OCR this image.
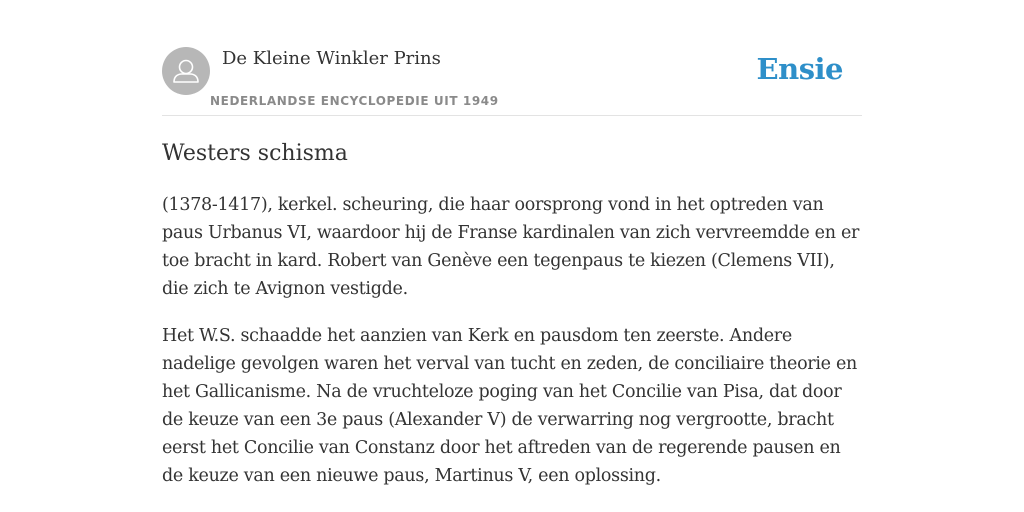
De Kleine Winkler Prins
NEDERLANDSE ENCYCLOPEDIE UIT 1949
Ensie
Westers schisma

(1378-1417), kerkel. scheuring, die haar oorsprong vond in het optreden van paus Urbanus VI, waardoor hij de Franse kardinalen van zich vervreemdde en er toe bracht in kard. Robert van Genève een tegenpaus te kiezen (Clemens VII), die zich te Avignon vestigde.

Het W.S. schaadde het aanzien van Kerk en pausdom ten zeerste. Andere nadelige gevolgen waren het verval van tucht en zeden, de conciliaire theorie en het Gallicanisme. Na de vruchteloze poging van het Concilie van Pisa, dat door de keuze van een 3e paus (Alexander V) de verwarring nog vergrootte, bracht eerst het Concilie van Constanz door het aftreden van de regerende pausen en de keuze van een nieuwe paus, Martinus V, een oplossing.
